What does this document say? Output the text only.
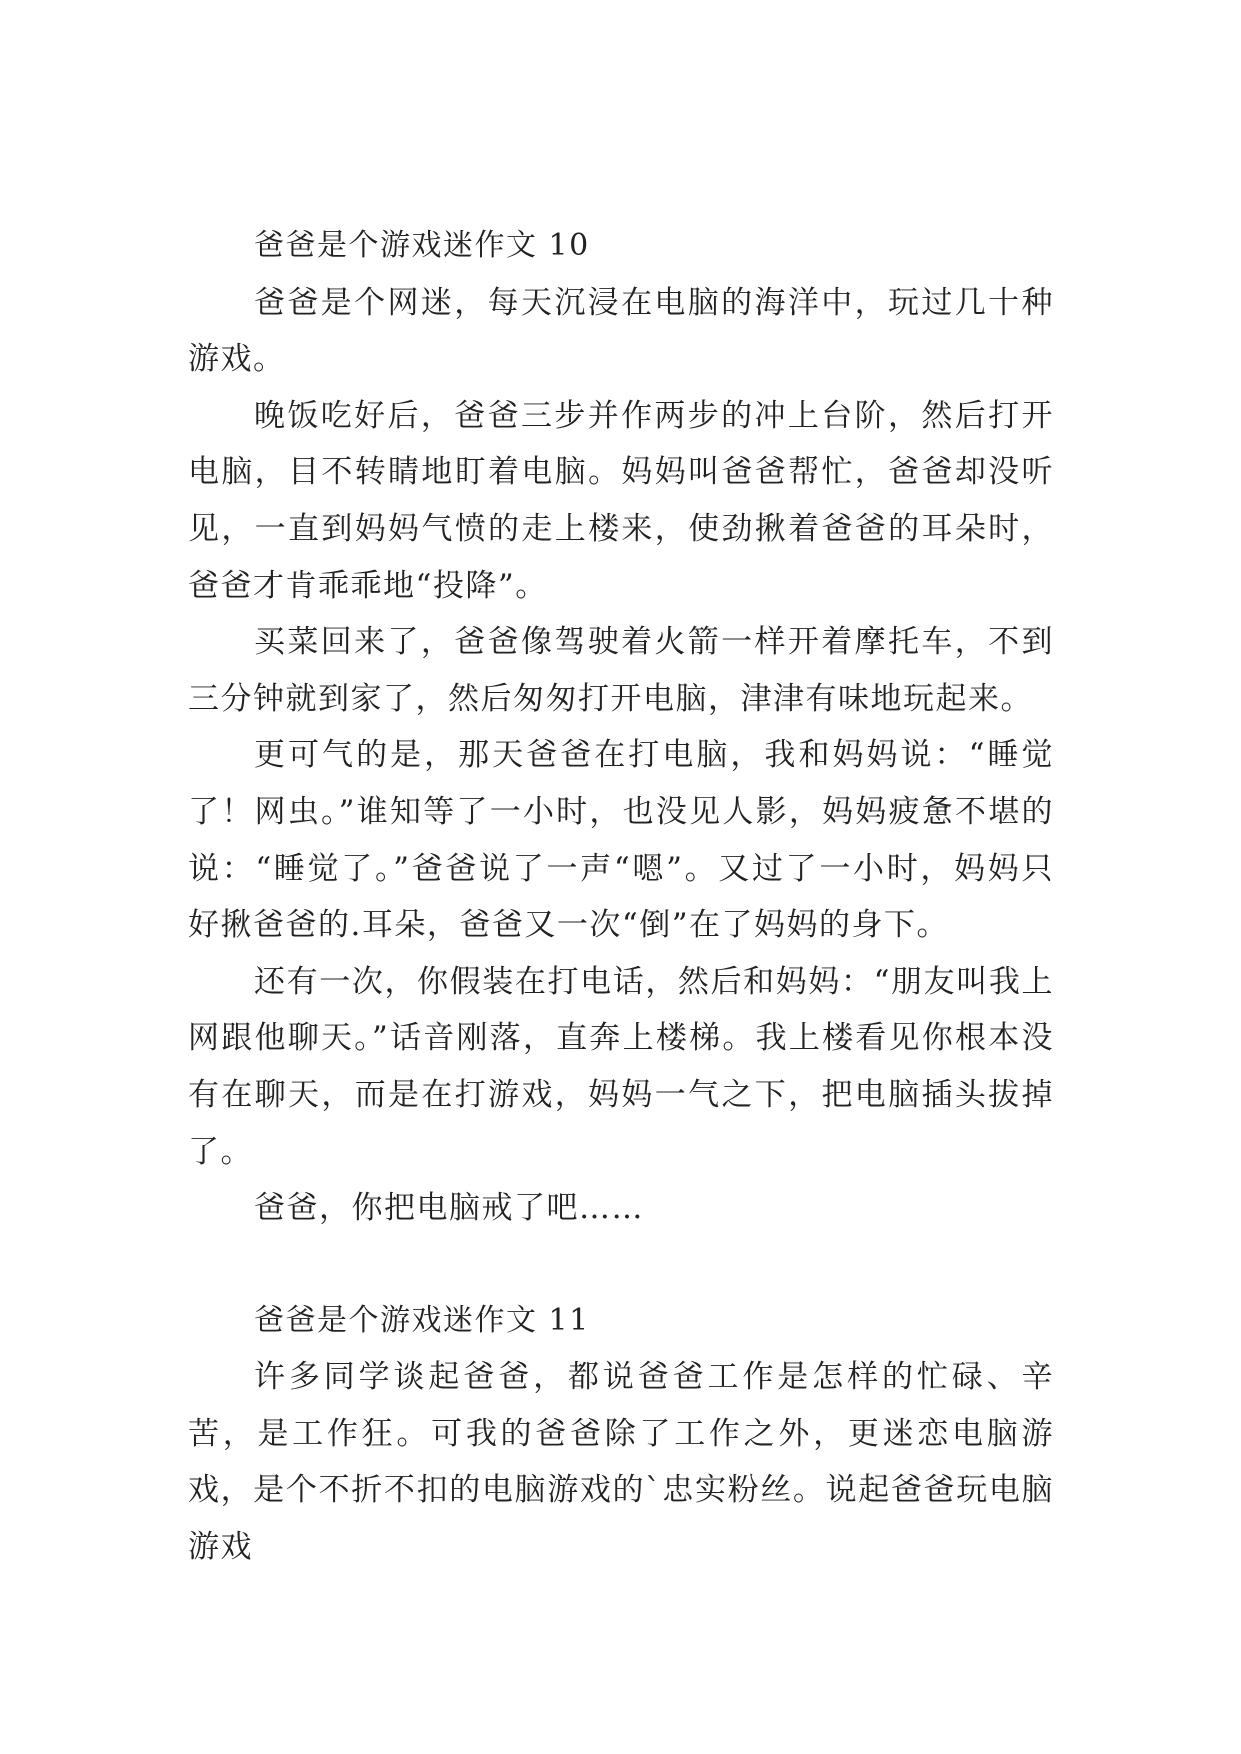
爸爸是个游戏迷作文 10

爸爸是个网迷，每天沉浸在电脑的海洋中，玩过几十种游戏。

晚饭吃好后，爸爸三步并作两步的冲上台阶，然后打开电脑，目不转睛地盯着电脑。妈妈叫爸爸帮忙，爸爸却没听见，一直到妈妈气愤的走上楼来，使劲揪着爸爸的耳朵时，爸爸才肯乖乖地“投降”。

买菜回来了，爸爸像驾驶着火箭一样开着摩托车，不到三分钟就到家了，然后匆匆打开电脑，津津有味地玩起来。

更可气的是，那天爸爸在打电脑，我和妈妈说：“睡觉了！网虫。”谁知等了一小时，也没见人影，妈妈疲惫不堪的说：“睡觉了。”爸爸说了一声“嗯”。又过了一小时，妈妈只好揪爸爸的.耳朵，爸爸又一次“倒”在了妈妈的身下。

还有一次，你假装在打电话，然后和妈妈：“朋友叫我上网跟他聊天。”话音刚落，直奔上楼梯。我上楼看见你根本没有在聊天，而是在打游戏，妈妈一气之下，把电脑插头拔掉了。

爸爸，你把电脑戒了吧……

爸爸是个游戏迷作文 11

许多同学谈起爸爸，都说爸爸工作是怎样的忙碌、辛苦，是工作狂。可我的爸爸除了工作之外，更迷恋电脑游戏，是个不折不扣的电脑游戏的`忠实粉丝。说起爸爸玩电脑游戏
